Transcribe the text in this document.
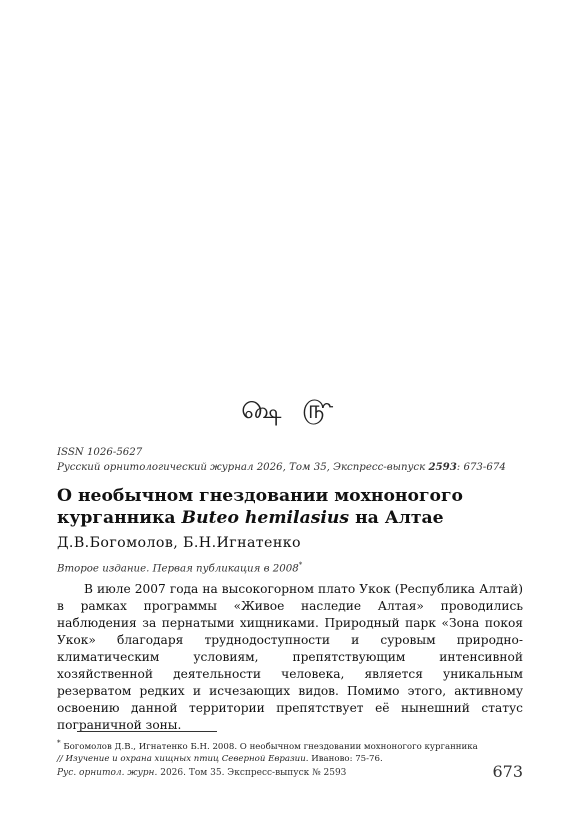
௸ ௹
ISSN 1026-5627
Русский орнитологический журнал 2026, Том 35, Экспресс-выпуск 2593: 673-674
О необычном гнездовании мохноногого курганника Buteo hemilasius на Алтае
Д.В.Богомолов, Б.Н.Игнатенко
Второе издание. Первая публикация в 2008*

В июле 2007 года на высокогорном плато Укок (Республика Алтай) в рамках программы «Живое наследие Алтая» проводились наблюдения за пернатыми хищниками. Природный парк «Зона покоя Укок» благодаря труднодоступности и суровым природно-климатическим условиям, препятствующим интенсивной хозяйственной деятельности человека, является уникальным резерватом редких и исчезающих видов. Помимо этого, активному освоению данной территории препятствует её нынешний статус пограничной зоны.

* Богомолов Д.В., Игнатенко Б.Н. 2008. О необычном гнездовании мохноногого курганника
// Изучение и охрана хищных птиц Северной Евразии. Иваново: 75-76.
Рус. орнитол. журн. 2026. Том 35. Экспресс-выпуск № 2593	673
